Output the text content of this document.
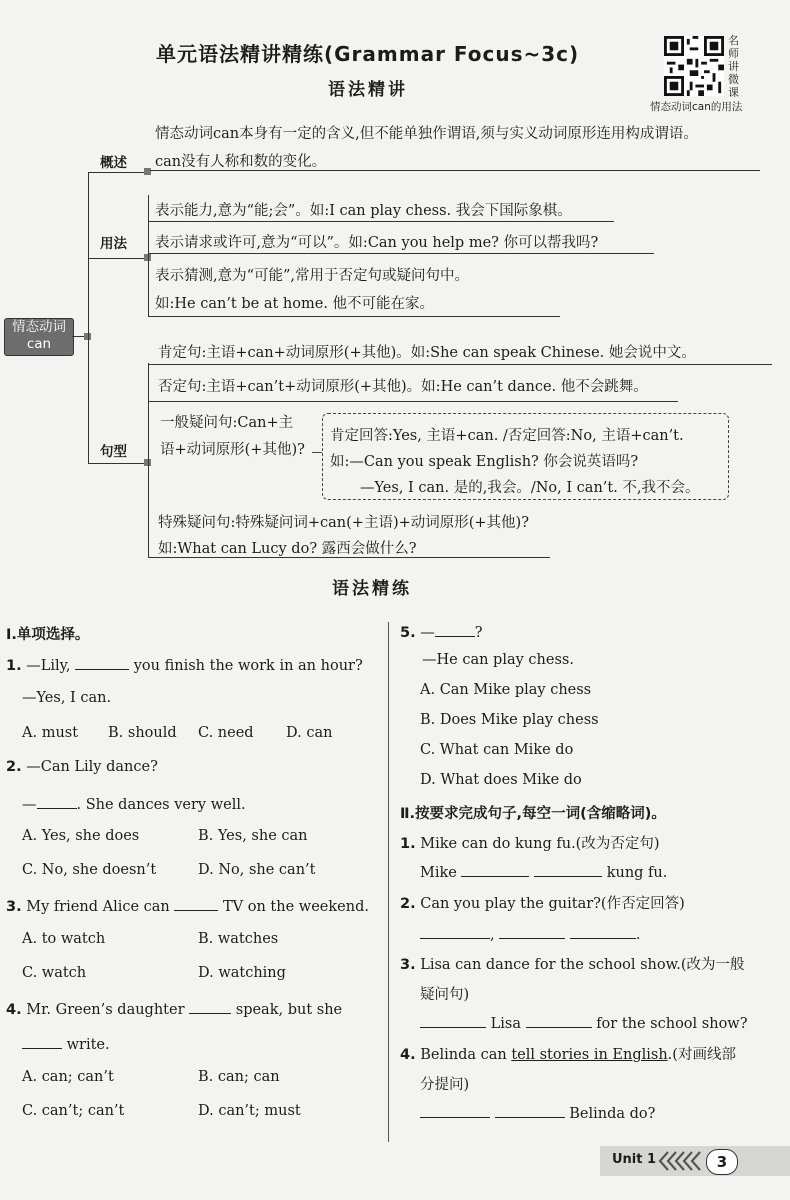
单元语法精讲精练(Grammar Focus~3c)
语法精讲
名师讲微课
情态动词can的用法
情态动词can
概述
情态动词can本身有一定的含义,但不能单独作谓语,须与实义动词原形连用构成谓语。
can没有人称和数的变化。
用法
表示能力,意为“能;会”。如:I can play chess. 我会下国际象棋。
表示请求或许可,意为“可以”。如:Can you help me? 你可以帮我吗?
表示猜测,意为“可能”,常用于否定句或疑问句中。
如:He can’t be at home. 他不可能在家。
句型
肯定句:主语+can+动词原形(+其他)。如:She can speak Chinese. 她会说中文。
否定句:主语+can’t+动词原形(+其他)。如:He can’t dance. 他不会跳舞。
一般疑问句:Can+主
语+动词原形(+其他)?
肯定回答:Yes, 主语+can. /否定回答:No, 主语+can’t.
如:—Can you speak English? 你会说英语吗?
—Yes, I can. 是的,我会。/No, I can’t. 不,我不会。
特殊疑问句:特殊疑问词+can(+主语)+动词原形(+其他)?
如:What can Lucy do? 露西会做什么?
语法精练
Ⅰ.单项选择。
1. —Lily,	you finish the work in an hour?
—Yes, I can.
A. must B. should C. need D. can
2. —Can Lily dance?
—	. She dances very well.
A. Yes, she does	B. Yes, she can
C. No, she doesn’t	D. No, she can’t
3. My friend Alice can	TV on the weekend.
A. to watch	B. watches
C. watch	D. watching
4. Mr. Green’s daughter	speak, but she
write.
A. can; can’t	B. can; can
C. can’t; can’t	D. can’t; must
5. —	?
—He can play chess.
A. Can Mike play chess
B. Does Mike play chess
C. What can Mike do
D. What does Mike do
Ⅱ.按要求完成句子,每空一词(含缩略词)。
1. Mike can do kung fu.(改为否定句)
Mike	kung fu.
2. Can you play the guitar?(作否定回答)
,	.
3. Lisa can dance for the school show.(改为一般
疑问句)
Lisa	for the school show?
4. Belinda can tell stories in English.(对画线部
分提问)
Belinda do?
Unit 1	3
